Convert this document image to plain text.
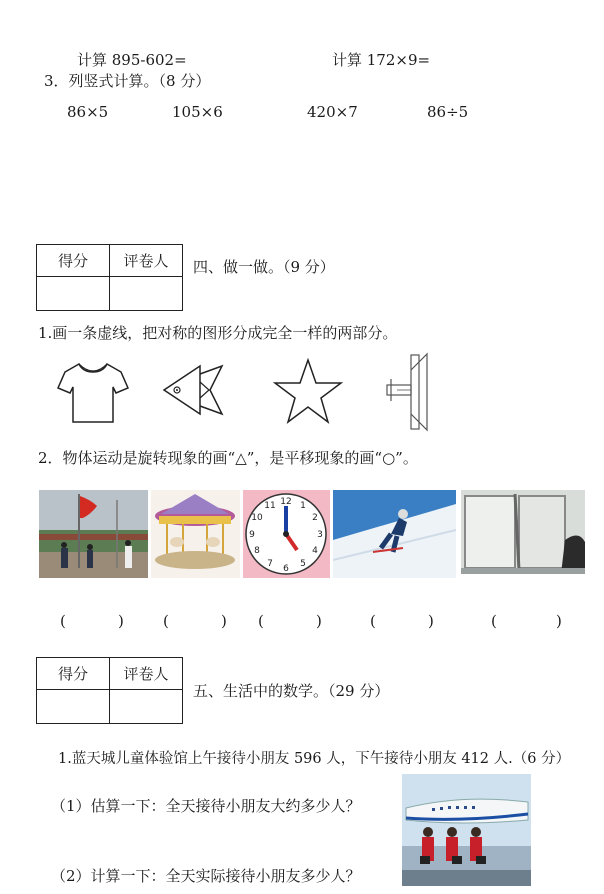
计算 895-602=	计算 172×9=
3．列竖式计算。（8 分）
86×5	105×6	420×7	86÷5
得分	评卷人
	四、做一做。（9 分）
1.画一条虚线，把对称的图形分成完全一样的两部分。
2．物体运动是旋转现象的画“△”，是平移现象的画“○”。
12 1
2
3
4
5
6
7
8
9
10
11
(	)	(	) (	)	(	)	(	)
得分	评卷人

五、生活中的数学。（29 分）
1.蓝天城儿童体验馆上午接待小朋友 596 人，下午接待小朋友 412 人.（6 分）
（1）估算一下：全天接待小朋友大约多少人？
（2）计算一下：全天实际接待小朋友多少人？
